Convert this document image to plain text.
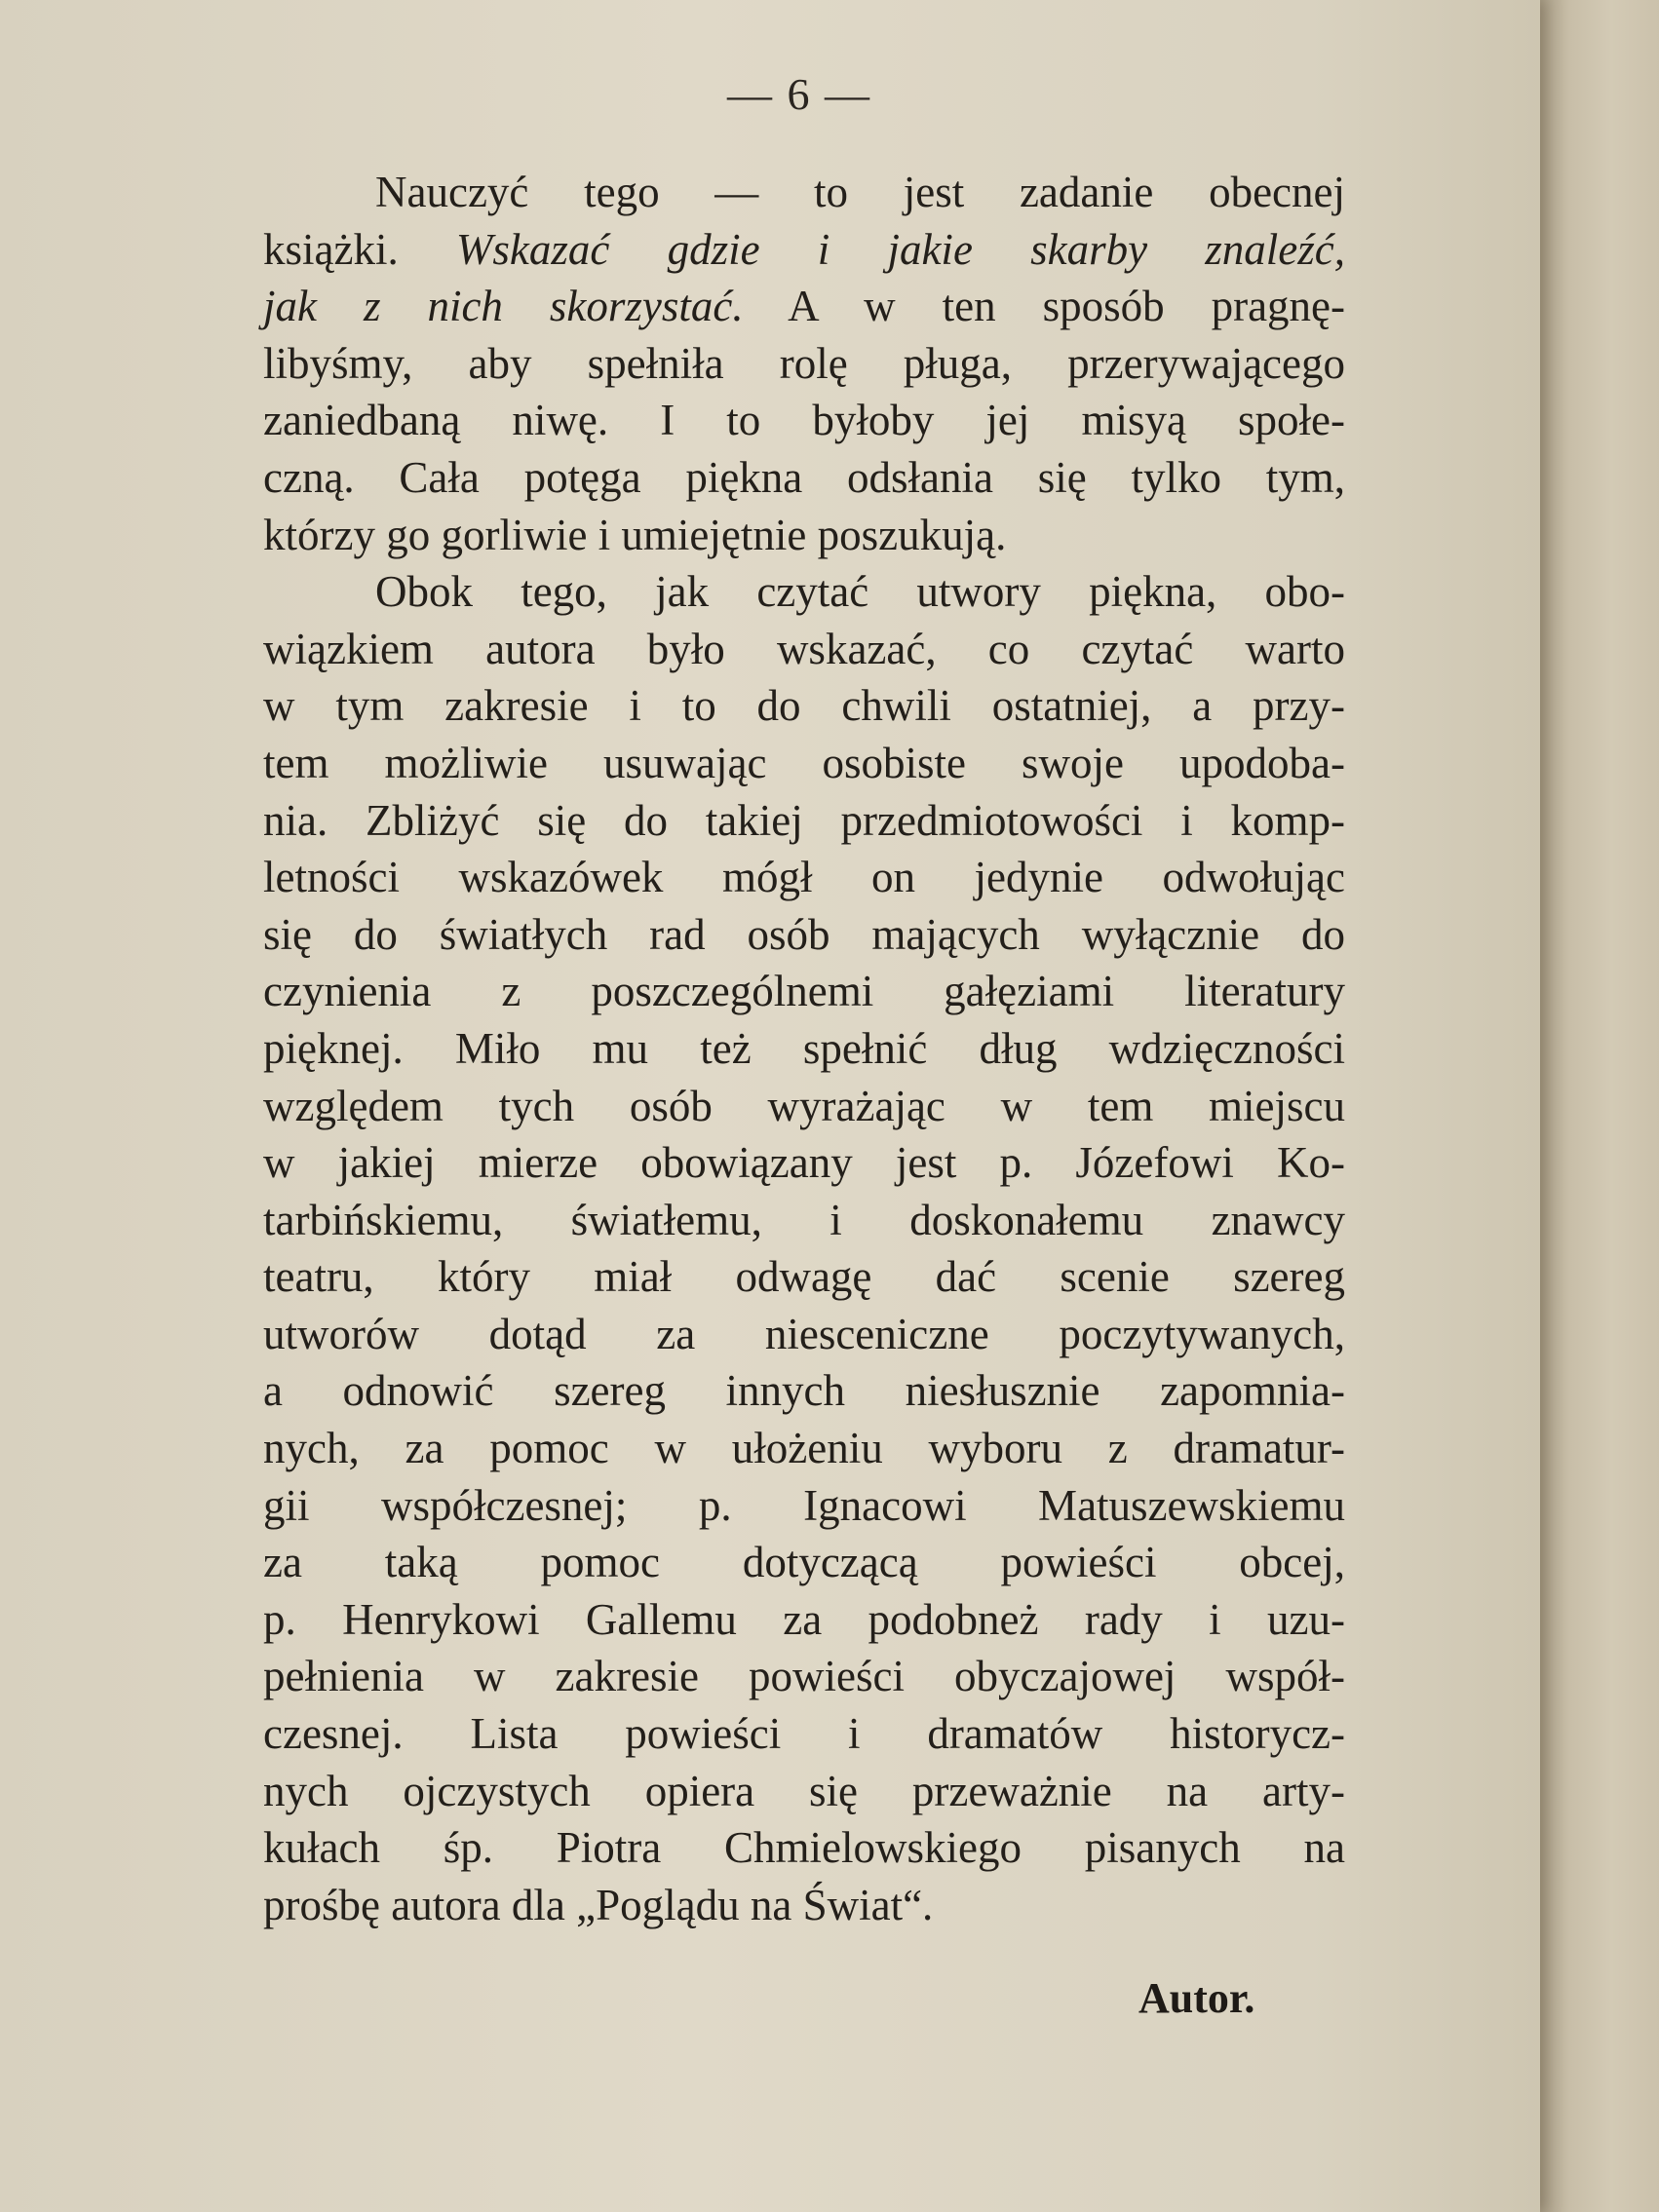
— 6 —
Nauczyć tego — to jest zadanie obecnej
książki. Wskazać gdzie i jakie skarby znaleźć,
jak z nich skorzystać. A w ten sposób pragnę-
libyśmy, aby spełniła rolę pługa, przerywającego
zaniedbaną niwę. I to byłoby jej misyą społe-
czną. Cała potęga piękna odsłania się tylko tym,
którzy go gorliwie i umiejętnie poszukują.
Obok tego, jak czytać utwory piękna, obo-
wiązkiem autora było wskazać, co czytać warto
w tym zakresie i to do chwili ostatniej, a przy-
tem możliwie usuwając osobiste swoje upodoba-
nia. Zbliżyć się do takiej przedmiotowości i komp-
letności wskazówek mógł on jedynie odwołując
się do światłych rad osób mających wyłącznie do
czynienia z poszczególnemi gałęziami literatury
pięknej. Miło mu też spełnić dług wdzięczności
względem tych osób wyrażając w tem miejscu
w jakiej mierze obowiązany jest p. Józefowi Ko-
tarbińskiemu, światłemu, i doskonałemu znawcy
teatru, który miał odwagę dać scenie szereg
utworów dotąd za niesceniczne poczytywanych,
a odnowić szereg innych niesłusznie zapomnia-
nych, za pomoc w ułożeniu wyboru z dramatur-
gii współczesnej; p. Ignacowi Matuszewskiemu
za taką pomoc dotyczącą powieści obcej,
p. Henrykowi Gallemu za podobneż rady i uzu-
pełnienia w zakresie powieści obyczajowej współ-
czesnej. Lista powieści i dramatów historycz-
nych ojczystych opiera się przeważnie na arty-
kułach śp. Piotra Chmielowskiego pisanych na
prośbę autora dla „Poglądu na Świat“.
Autor.
